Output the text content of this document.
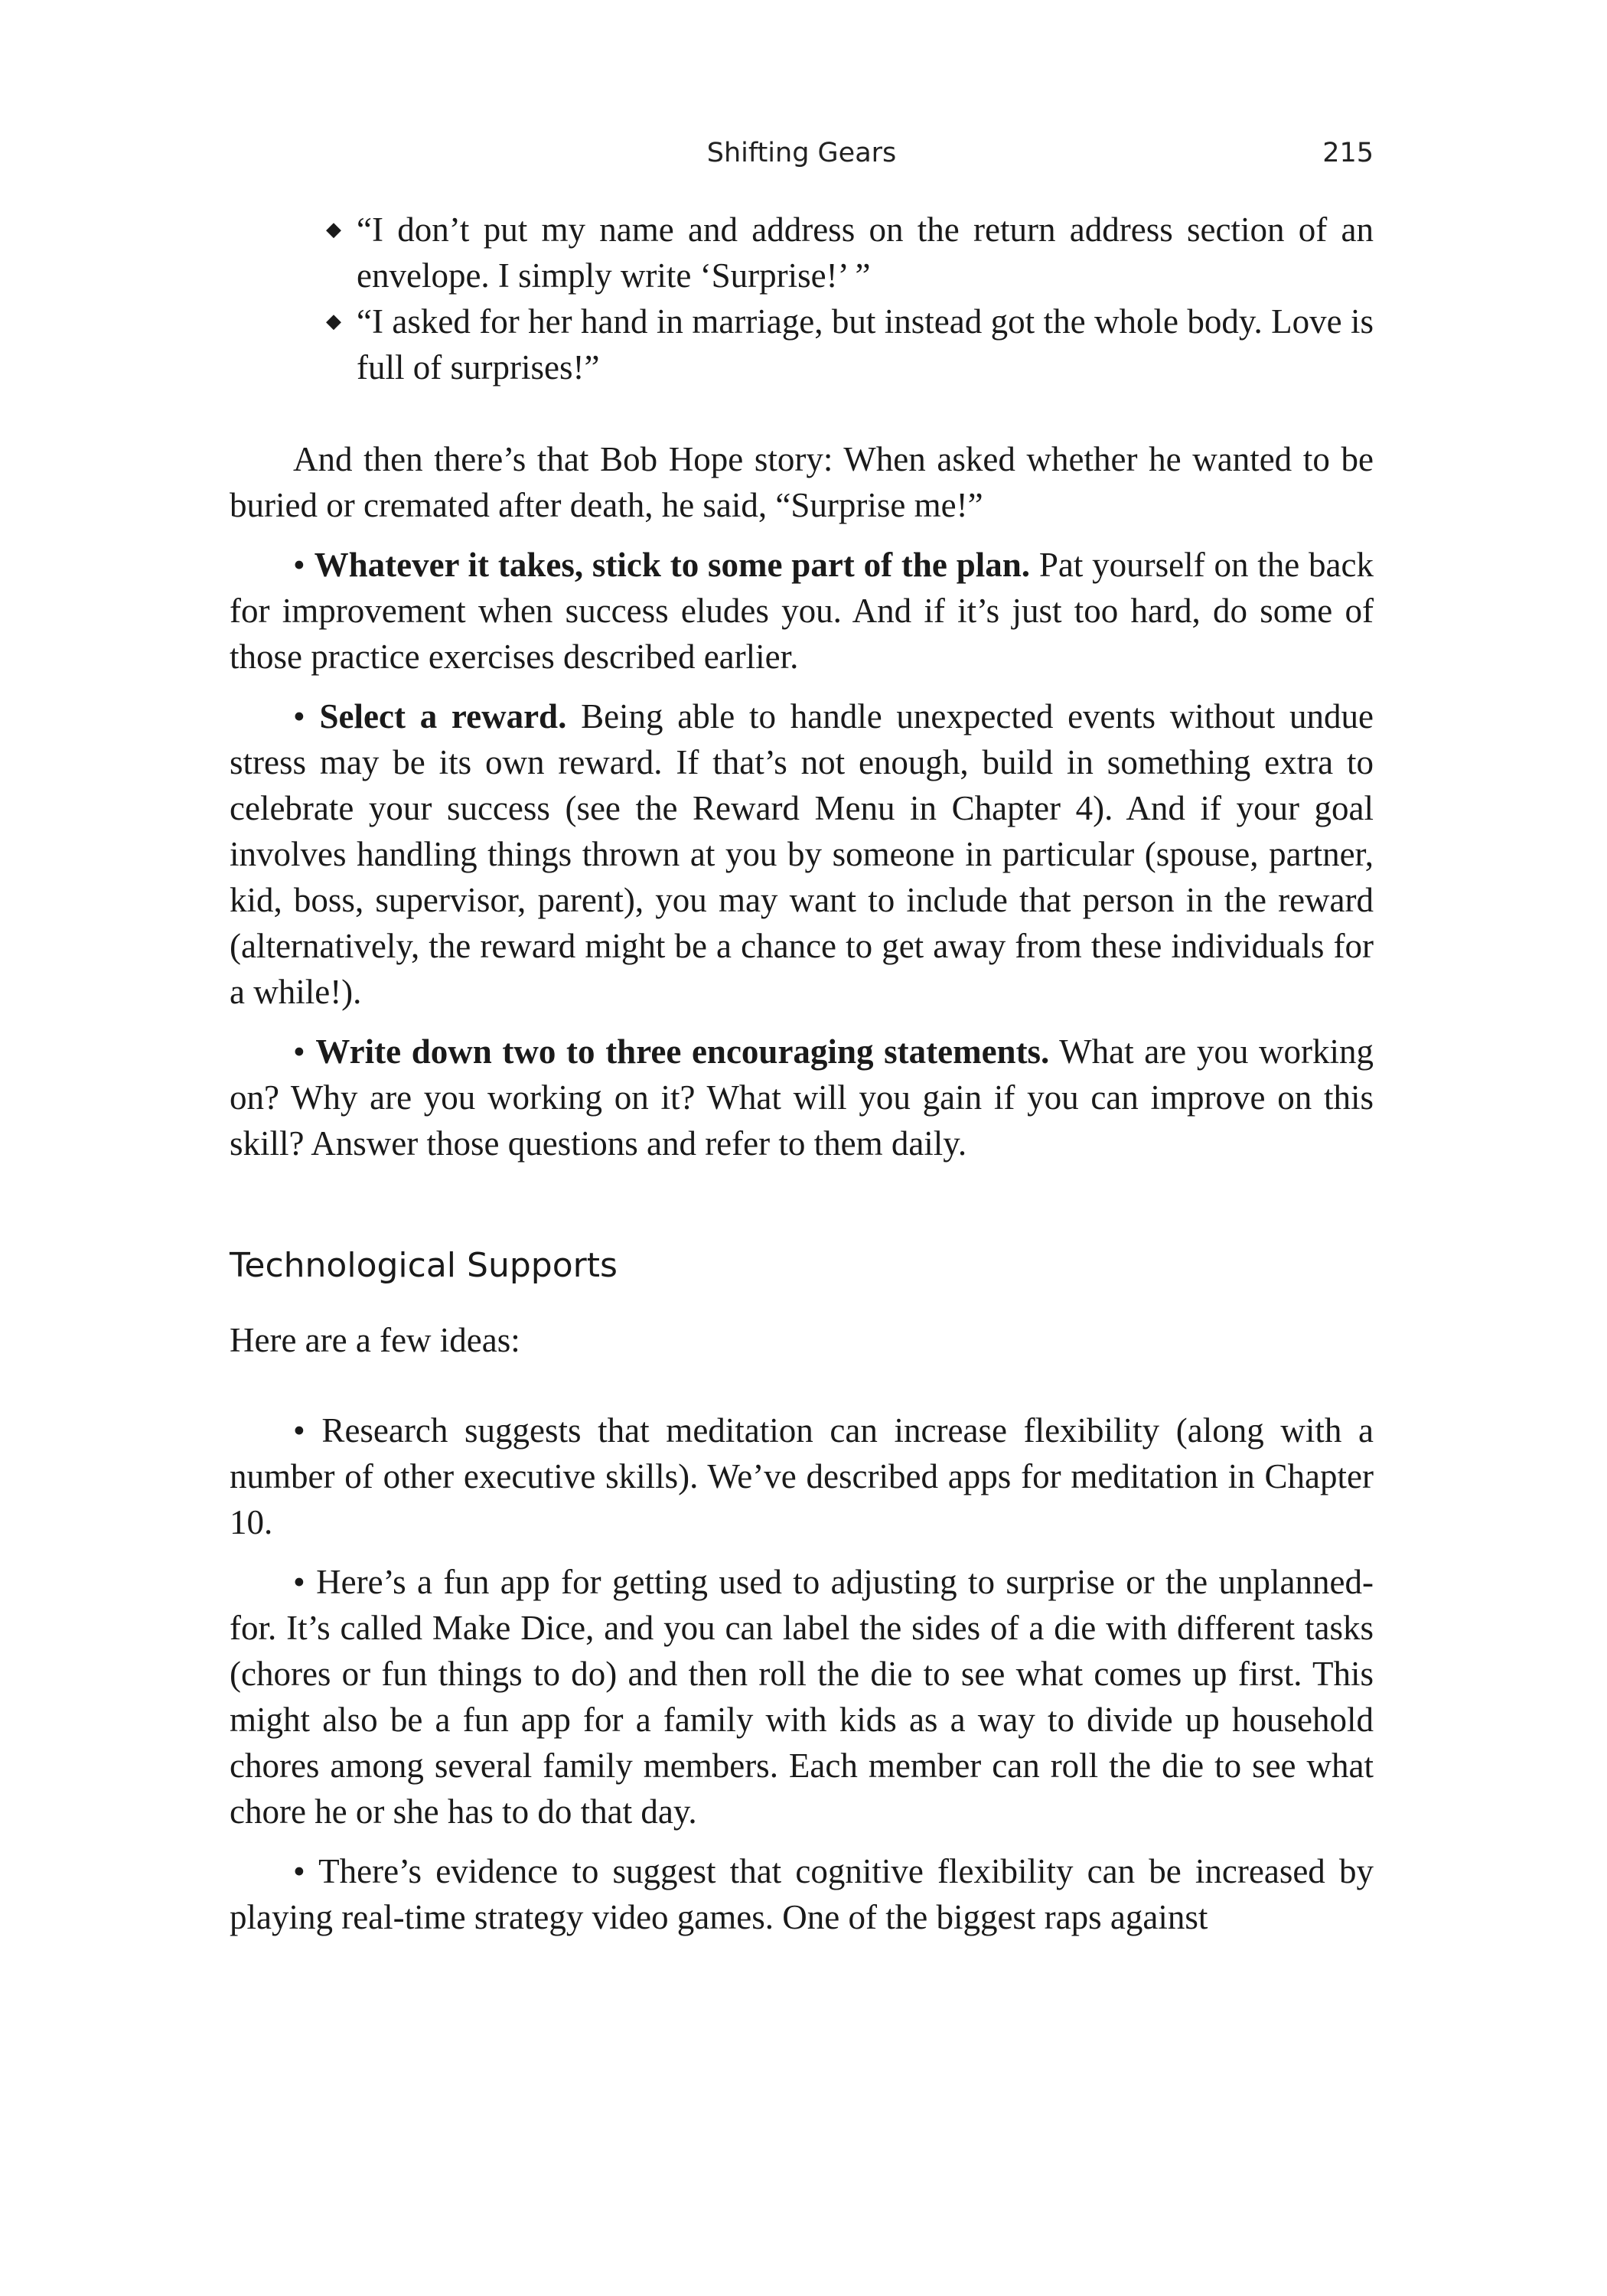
Shifting Gears	215
◆ “I don’t put my name and address on the return address section of an envelope. I simply write ‘Surprise!’ ”
◆ “I asked for her hand in marriage, but instead got the whole body. Love is full of surprises!”

And then there’s that Bob Hope story: When asked whether he wanted to be buried or cremated after death, he said, “Surprise me!”

• Whatever it takes, stick to some part of the plan. Pat yourself on the back for improvement when success eludes you. And if it’s just too hard, do some of those practice exercises described earlier.

• Select a reward. Being able to handle unexpected events without undue stress may be its own reward. If that’s not enough, build in something extra to celebrate your success (see the Reward Menu in Chapter 4). And if your goal involves handling things thrown at you by someone in particular (spouse, partner, kid, boss, supervisor, parent), you may want to include that person in the reward (alternatively, the reward might be a chance to get away from these individuals for a while!).

• Write down two to three encouraging statements. What are you working on? Why are you working on it? What will you gain if you can improve on this skill? Answer those questions and refer to them daily.

Technological Supports

Here are a few ideas:

• Research suggests that meditation can increase flexibility (along with a number of other executive skills). We’ve described apps for meditation in Chapter 10.

• Here’s a fun app for getting used to adjusting to surprise or the unplanned-for. It’s called Make Dice, and you can label the sides of a die with different tasks (chores or fun things to do) and then roll the die to see what comes up first. This might also be a fun app for a family with kids as a way to divide up household chores among several family members. Each member can roll the die to see what chore he or she has to do that day.

• There’s evidence to suggest that cognitive flexibility can be increased by playing real-time strategy video games. One of the biggest raps against
